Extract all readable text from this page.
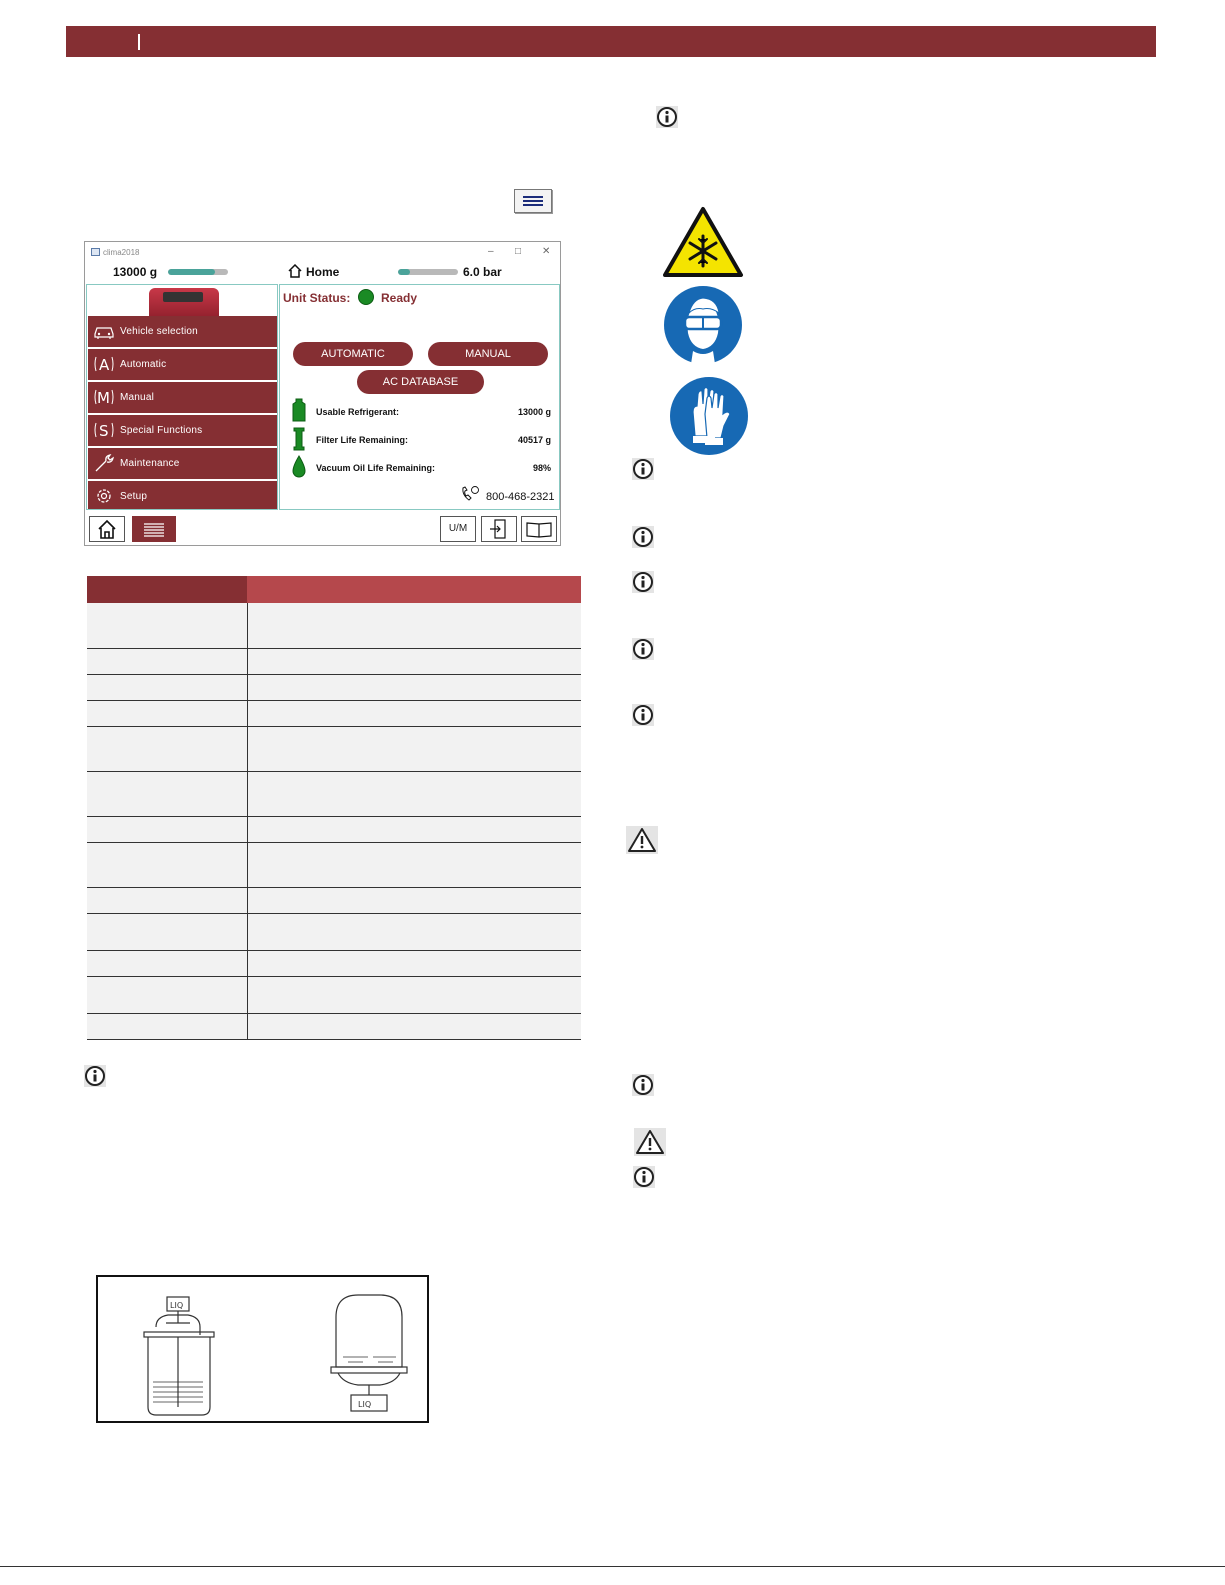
clima2018	– □ ✕
13000 g	Home	6.0 bar
Vehicle selection
A Automatic
M Manual
S Special Functions
Maintenance
Setup
Unit Status:	Ready
AUTOMATIC	MANUAL
AC DATABASE
Usable Refrigerant:	13000 g
Filter Life Remaining:	40517 g
Vacuum Oil Life Remaining:	98%
800-468-2321
U/M

LIQ
LIQ
